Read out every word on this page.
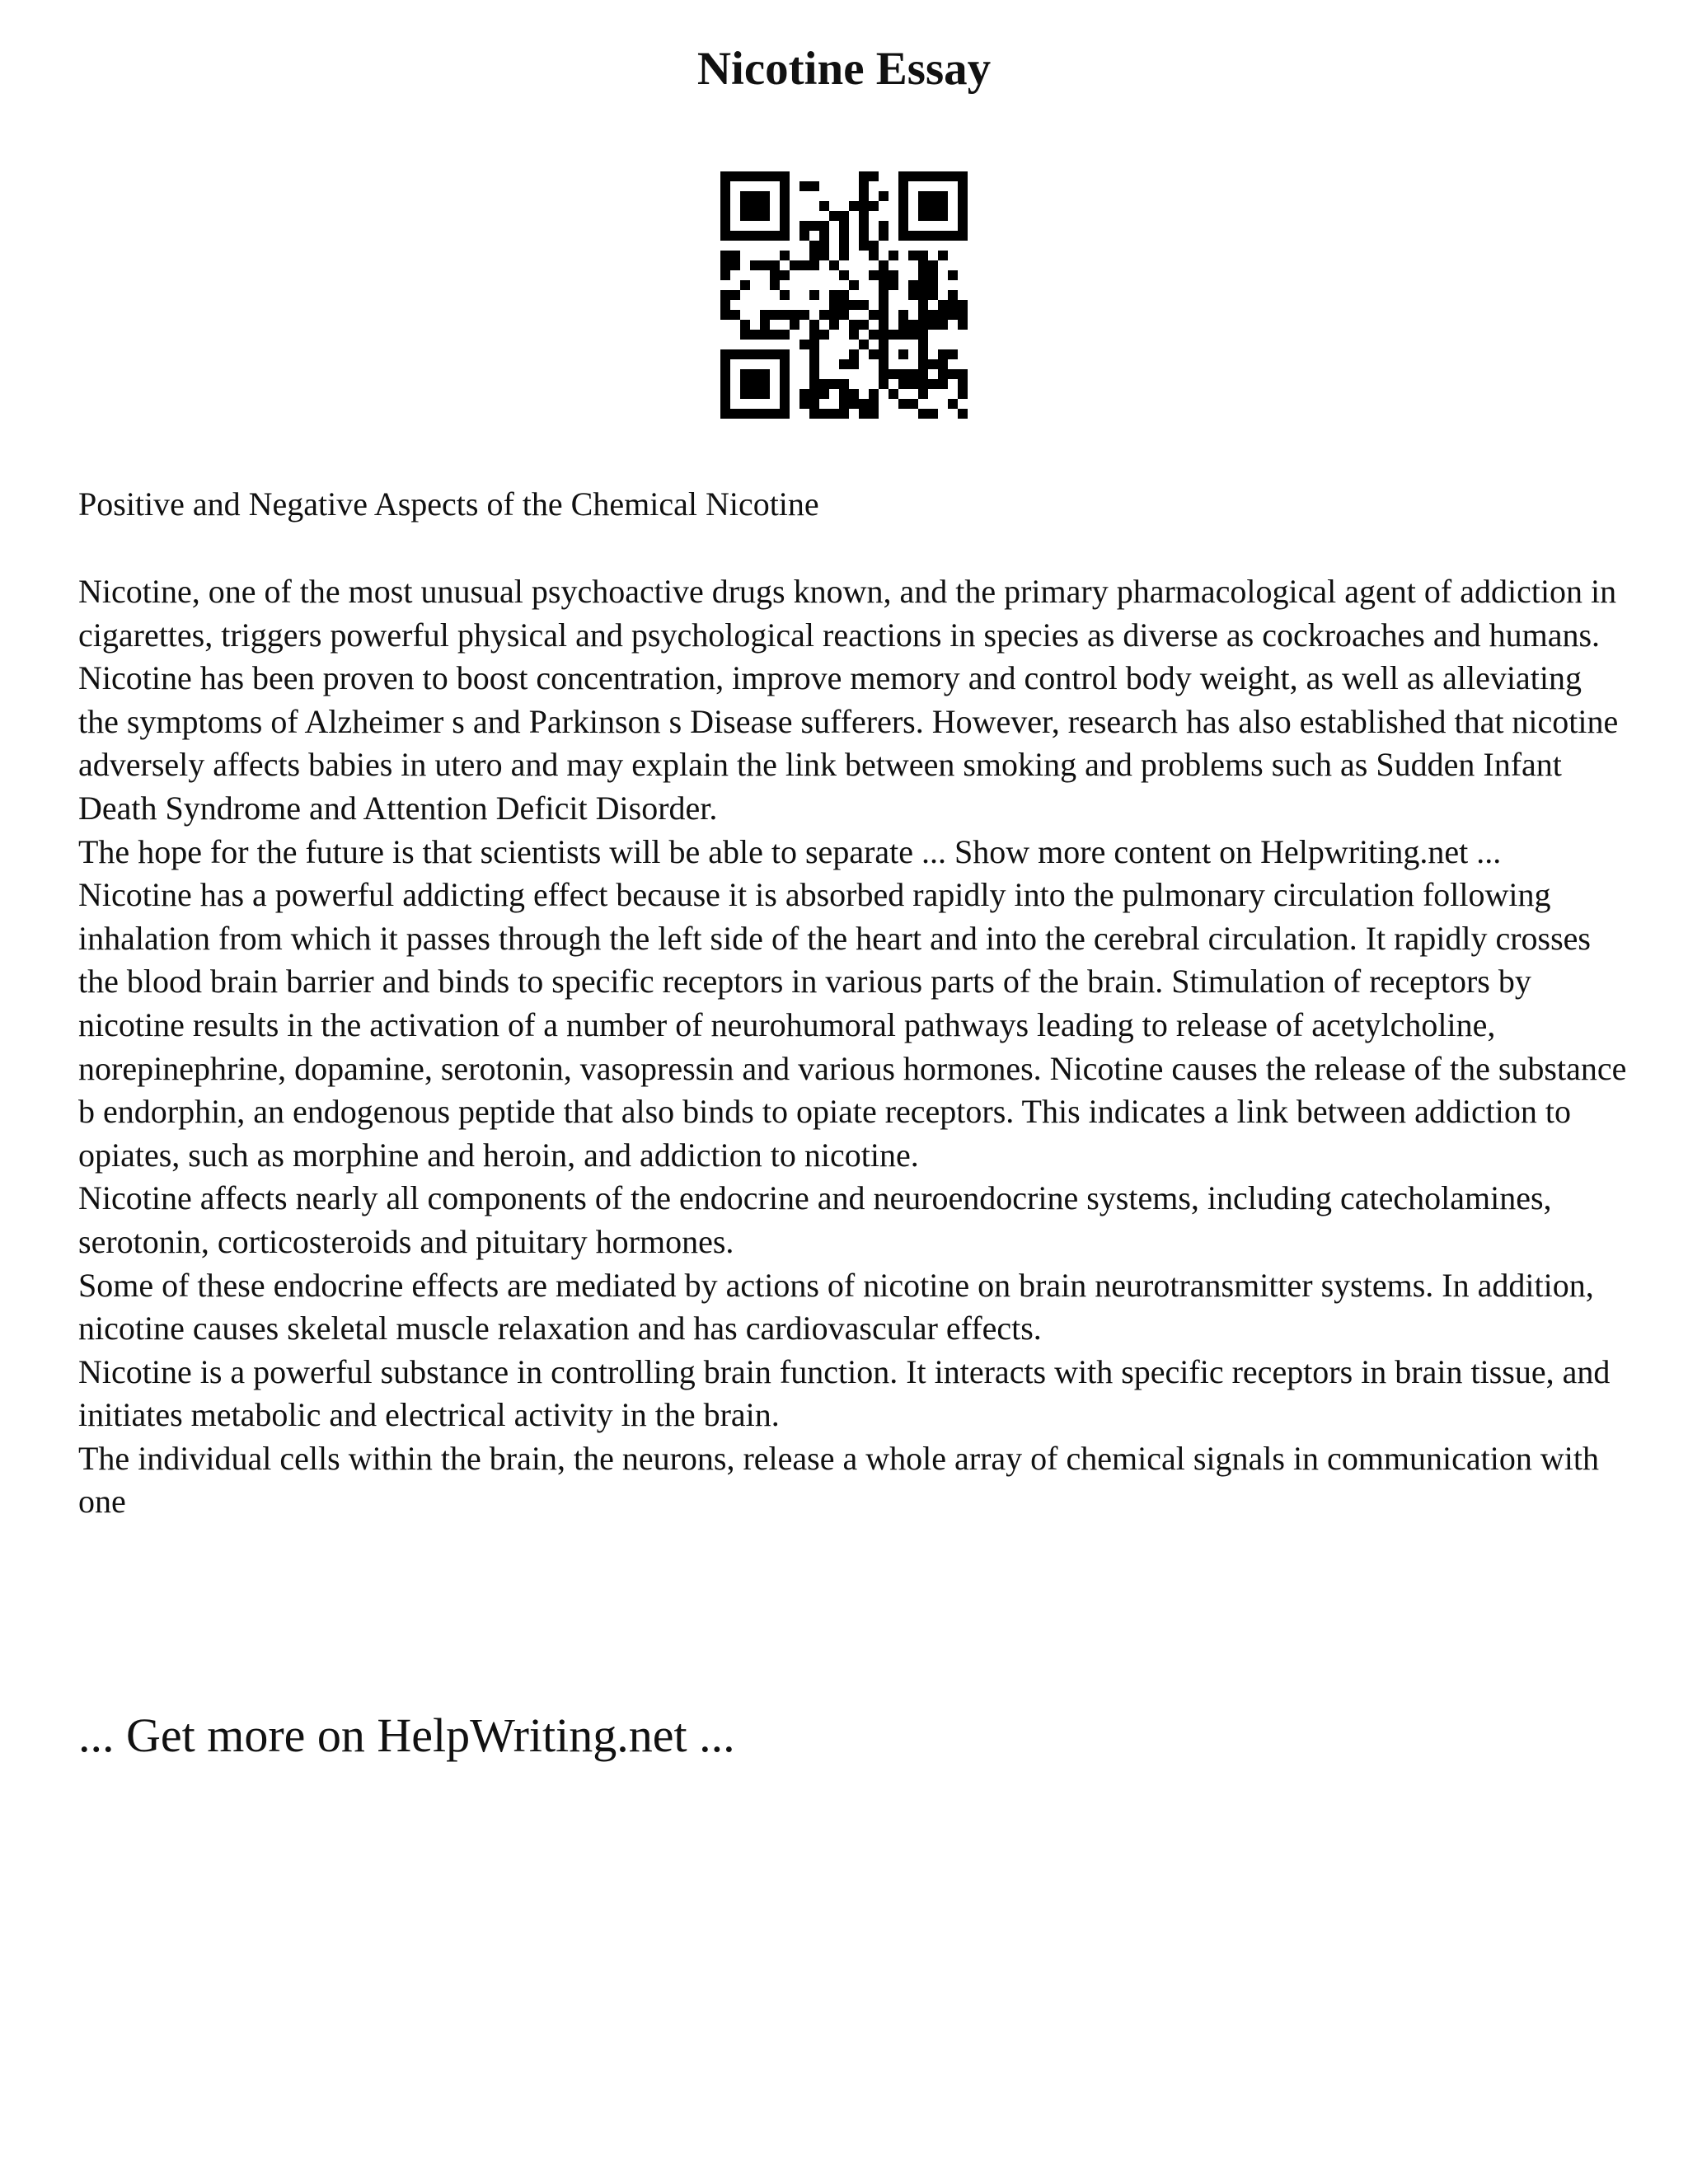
Nicotine Essay
Positive and Negative Aspects of the Chemical Nicotine

Nicotine, one of the most unusual psychoactive drugs known, and the primary pharmacological agent of addiction in cigarettes, triggers powerful physical and psychological reactions in species as diverse as cockroaches and humans.

Nicotine has been proven to boost concentration, improve memory and control body weight, as well as alleviating the symptoms of Alzheimer s and Parkinson s Disease sufferers. However, research has also established that nicotine adversely affects babies in utero and may explain the link between smoking and problems such as Sudden Infant Death Syndrome and Attention Deficit Disorder.

The hope for the future is that scientists will be able to separate ... Show more content on Helpwriting.net ...

Nicotine has a powerful addicting effect because it is absorbed rapidly into the pulmonary circulation following inhalation from which it passes through the left side of the heart and into the cerebral circulation. It rapidly crosses the blood brain barrier and binds to specific receptors in various parts of the brain. Stimulation of receptors by nicotine results in the activation of a number of neurohumoral pathways leading to release of acetylcholine, norepinephrine, dopamine, serotonin, vasopressin and various hormones. Nicotine causes the release of the substance b endorphin, an endogenous peptide that also binds to opiate receptors. This indicates a link between addiction to opiates, such as morphine and heroin, and addiction to nicotine.

Nicotine affects nearly all components of the endocrine and neuroendocrine systems, including catecholamines, serotonin, corticosteroids and pituitary hormones.

Some of these endocrine effects are mediated by actions of nicotine on brain neurotransmitter systems. In addition, nicotine causes skeletal muscle relaxation and has cardiovascular effects.

Nicotine is a powerful substance in controlling brain function. It interacts with specific receptors in brain tissue, and initiates metabolic and electrical activity in the brain.

The individual cells within the brain, the neurons, release a whole array of chemical signals in communication with one

... Get more on HelpWriting.net ...
